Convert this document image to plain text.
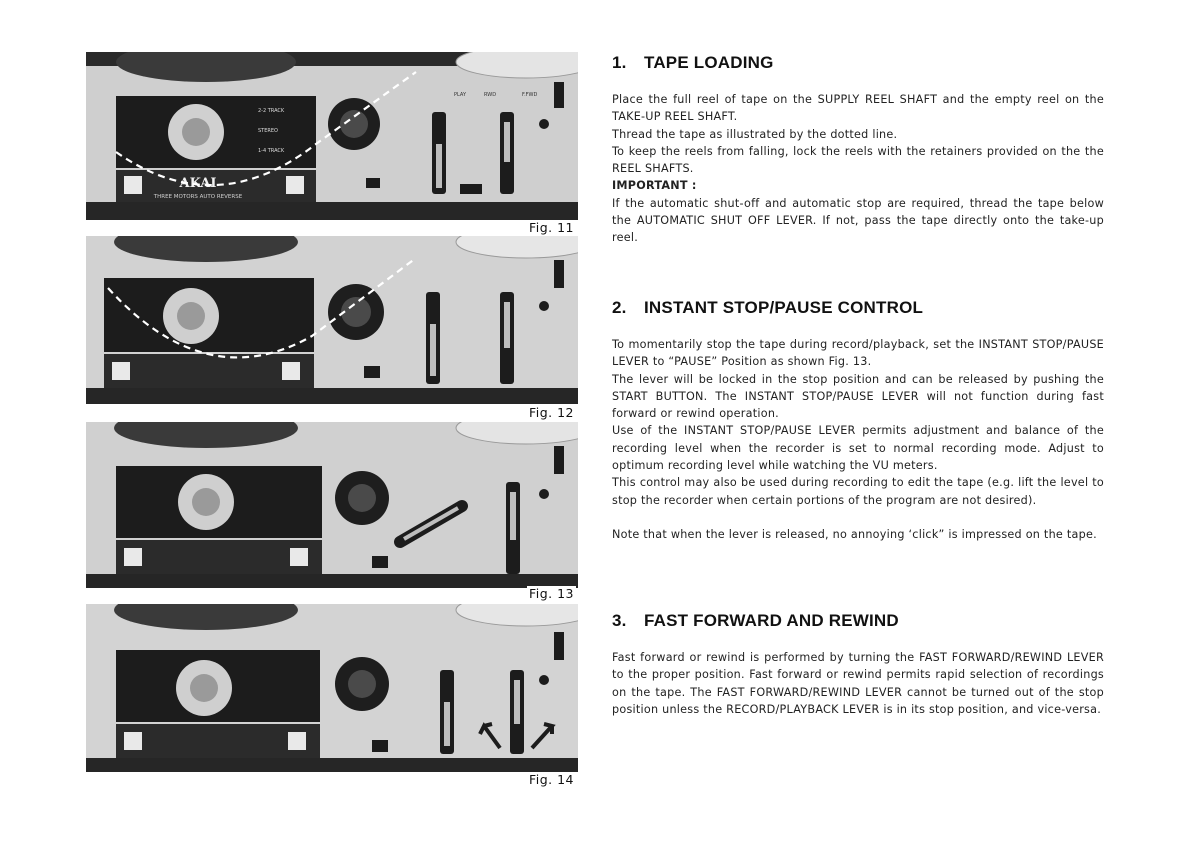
AKAI
THREE MOTORS AUTO REVERSE
2-2 TRACK
STEREO
1-4 TRACK
PLAY	RWD	F.FWD
Fig. 11
Fig. 12
Fig. 13
Fig. 14
1. TAPE LOADING

Place the full reel of tape on the SUPPLY REEL SHAFT and the empty reel on the TAKE-UP REEL SHAFT.

Thread the tape as illustrated by the dotted line.

To keep the reels from falling, lock the reels with the retainers provided on the the REEL SHAFTS.

IMPORTANT :

If the automatic shut-off and automatic stop are required, thread the tape below the AUTOMATIC SHUT OFF LEVER. If not, pass the tape directly onto the take-up reel.

2. INSTANT STOP/PAUSE CONTROL

To momentarily stop the tape during record/playback, set the INSTANT STOP/PAUSE LEVER to “PAUSE” Position as shown Fig. 13.

The lever will be locked in the stop position and can be released by pushing the START BUTTON. The INSTANT STOP/PAUSE LEVER will not function during fast forward or rewind operation.

Use of the INSTANT STOP/PAUSE LEVER permits adjustment and balance of the recording level when the recorder is set to normal recording mode. Adjust to optimum recording level while watching the VU meters.

This control may also be used during recording to edit the tape (e.g. lift the level to stop the recorder when certain portions of the program are not desired).

Note that when the lever is released, no annoying ‘click” is impressed on the tape.

3. FAST FORWARD AND REWIND

Fast forward or rewind is performed by turning the FAST FORWARD/REWIND LEVER to the proper position. Fast forward or rewind permits rapid selection of recordings on the tape. The FAST FORWARD/REWIND LEVER cannot be turned out of the stop position unless the RECORD/PLAYBACK LEVER is in its stop position, and vice-versa.
